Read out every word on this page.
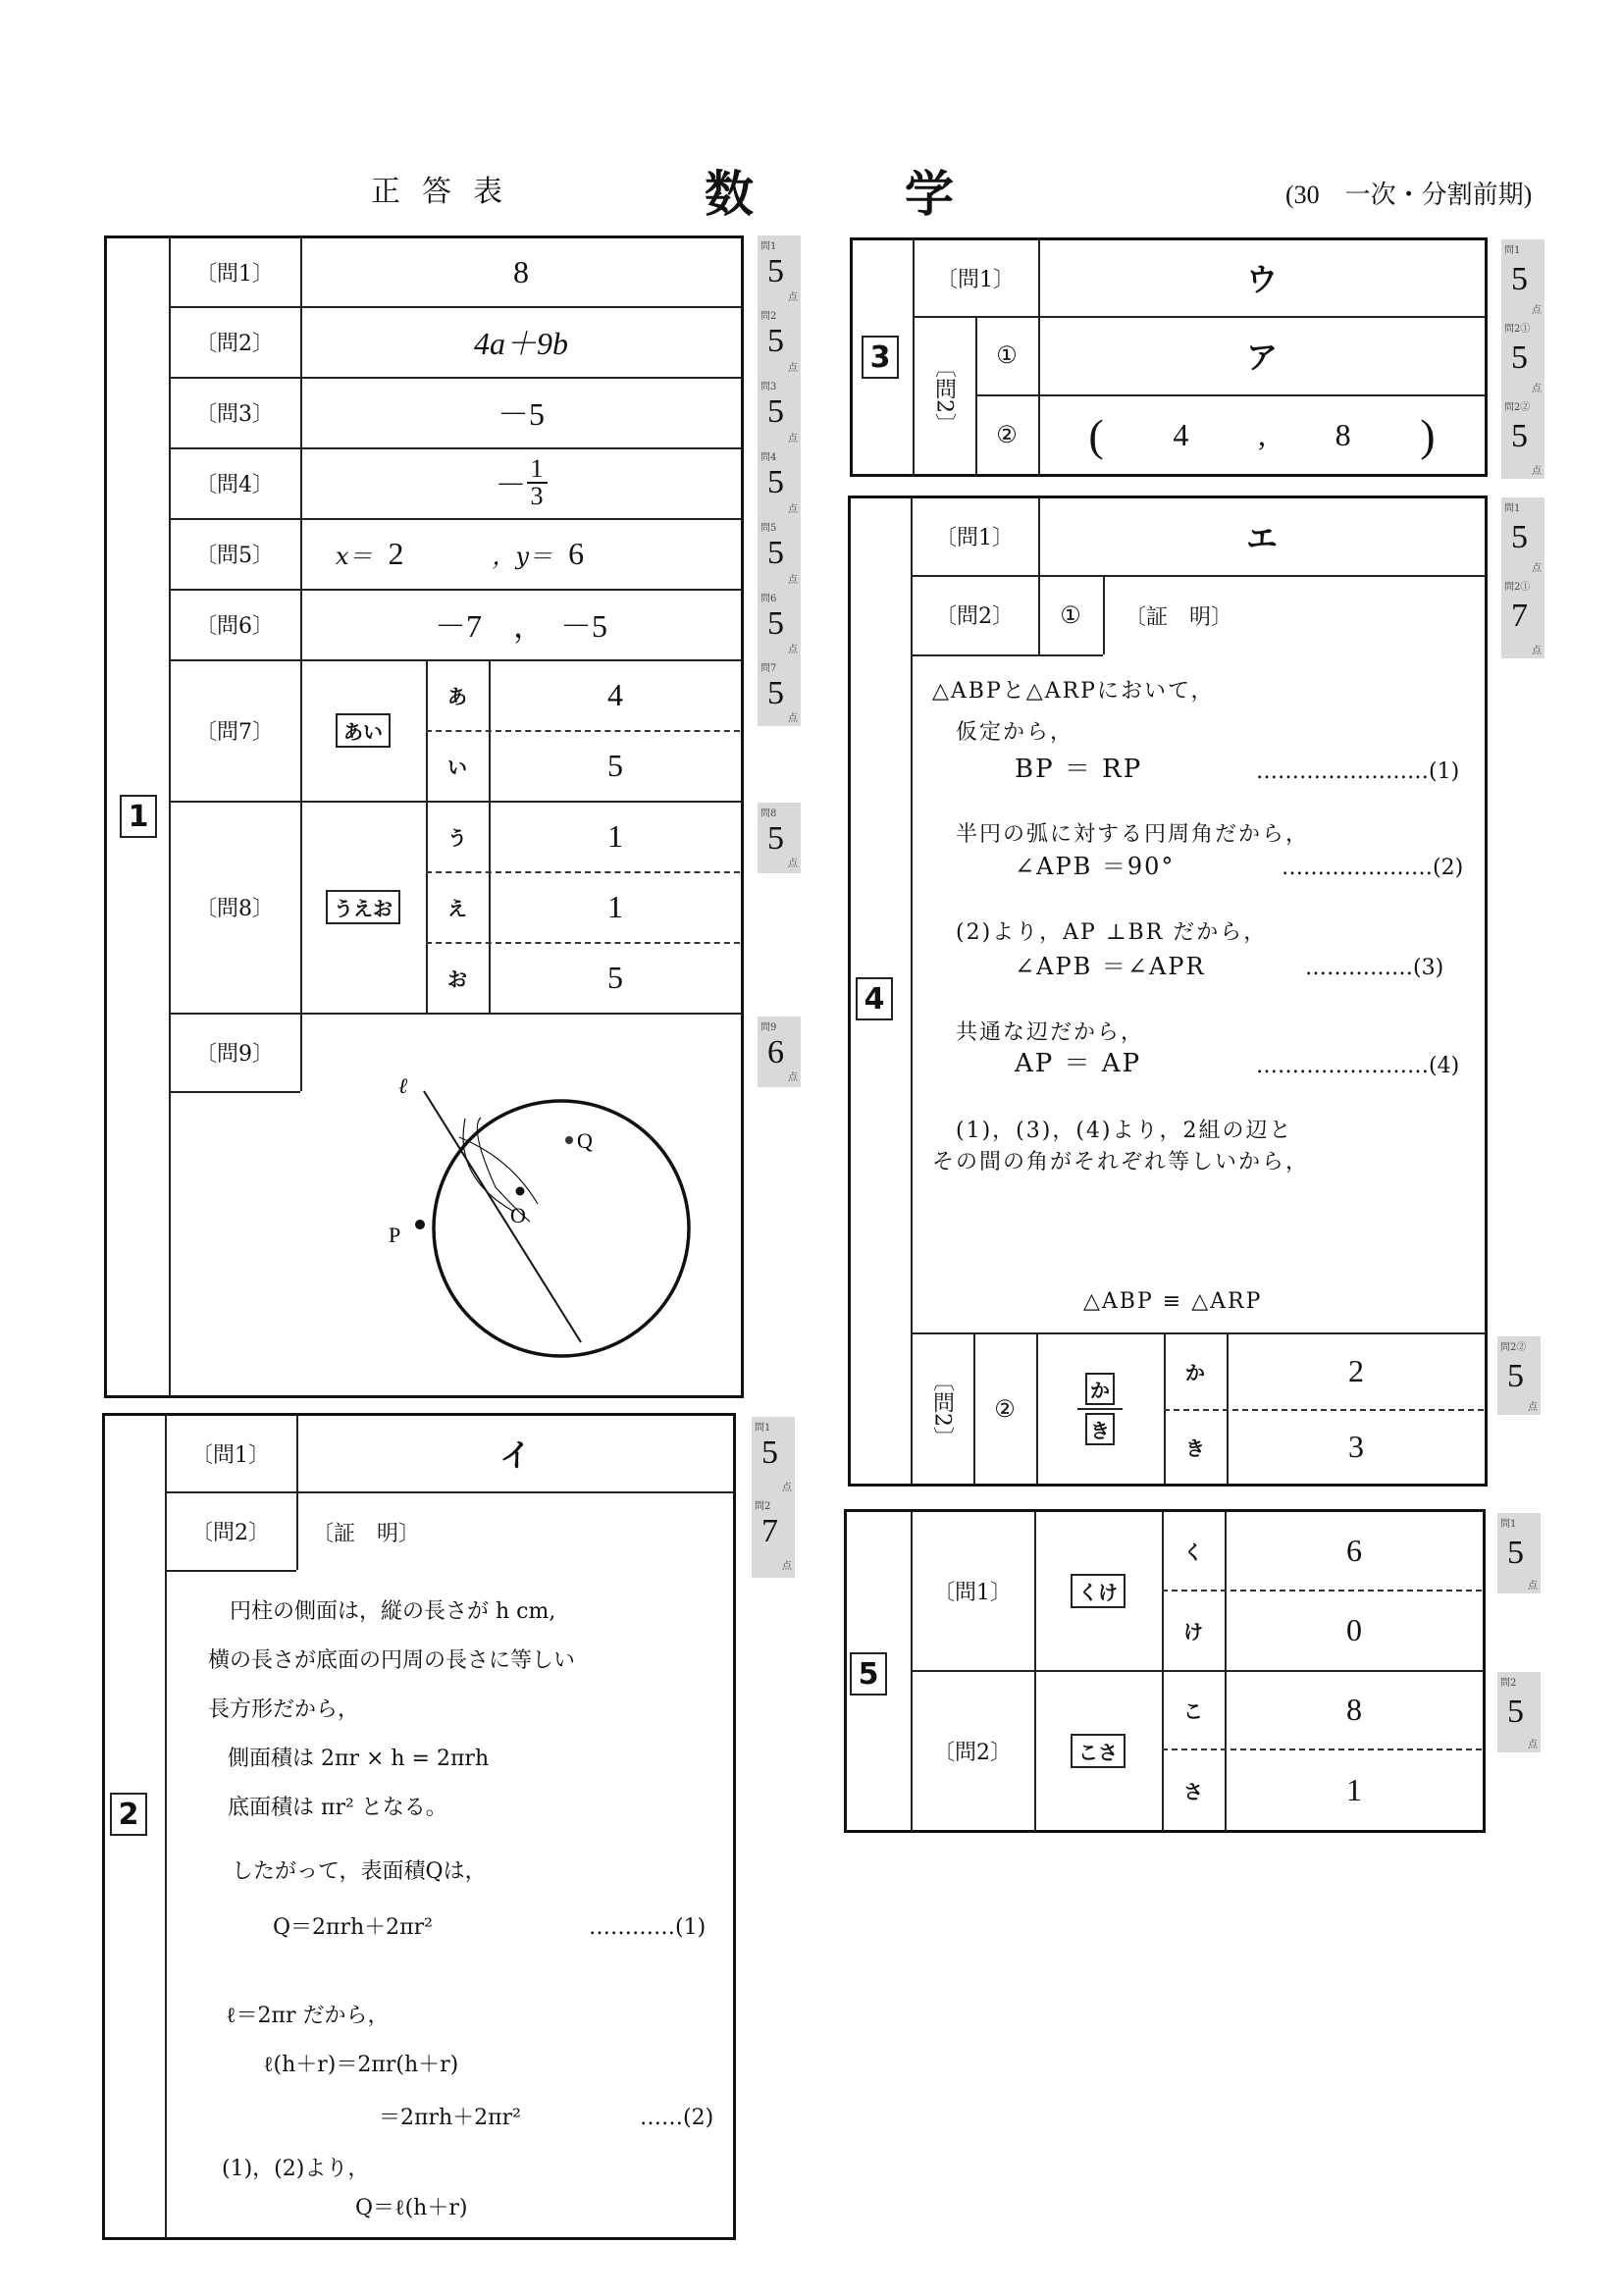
正答表	数	学	(30　一次・分割前期)
1
〔問1〕	8
〔問2〕	4a＋9b
〔問3〕	－5
〔問4〕	－ $\frac{1}{3}$
〔問5〕	x＝ 2	，y＝ 6
〔問6〕	－7　，　－5
〔問7〕	あい
あ	4
い	5
〔問8〕	うえお
う	1
え	1
お	5
〔問9〕
ℓ
Q
O
P
問1
5
点
問2
5
点
問3
5
点
問4
5
点
問5
5
点
問6
5
点
問7
5
点
問8
5
点
問9
6
点
2
〔問1〕	イ
〔問2〕	〔証　明〕

円柱の側面は，縦の長さが h cm,

横の長さが底面の円周の長さに等しい

長方形だから，

側面積は 2πr × h = 2πrh

底面積は πr² となる。

したがって，表面積Qは，

Q＝2πrh＋2πr²

	…………(1)

ℓ＝2πr だから，

ℓ(h＋r)＝2πr(h＋r)

＝2πrh＋2πr²

	……(2)

(1)，(2)より，

Q＝ℓ(h＋r)

問1
5
点
問2
7
点
3
〔問1〕	ウ
〔問2〕
①	ア
②	( 4 , 8 )
問1
5
点
問2①
5
点
問2②
5
点
4
〔問1〕	エ
〔問2〕	①	〔証　明〕

△ABPと△ARPにおいて，

仮定から，

BP ＝ RP

	……………………(1)

半円の弧に対する円周角だから，

∠APB ＝90°

	…………………(2)

(2)より，AP ⊥BR だから，

∠APB ＝∠APR

	……………(3)

共通な辺だから，

AP ＝ AP

	……………………(4)

(1)，(3)，(4)より，2組の辺と

その間の角がそれぞれ等しいから，

△ABP ≡ △ARP

〔問2〕	②
か
き
か	2
き	3
問1
5
点
問2①
7
点
問2②
5
点
5
〔問1〕	くけ
く	6
け	0
〔問2〕	こさ
こ	8
さ	1
問1
5
点
問2
5
点
